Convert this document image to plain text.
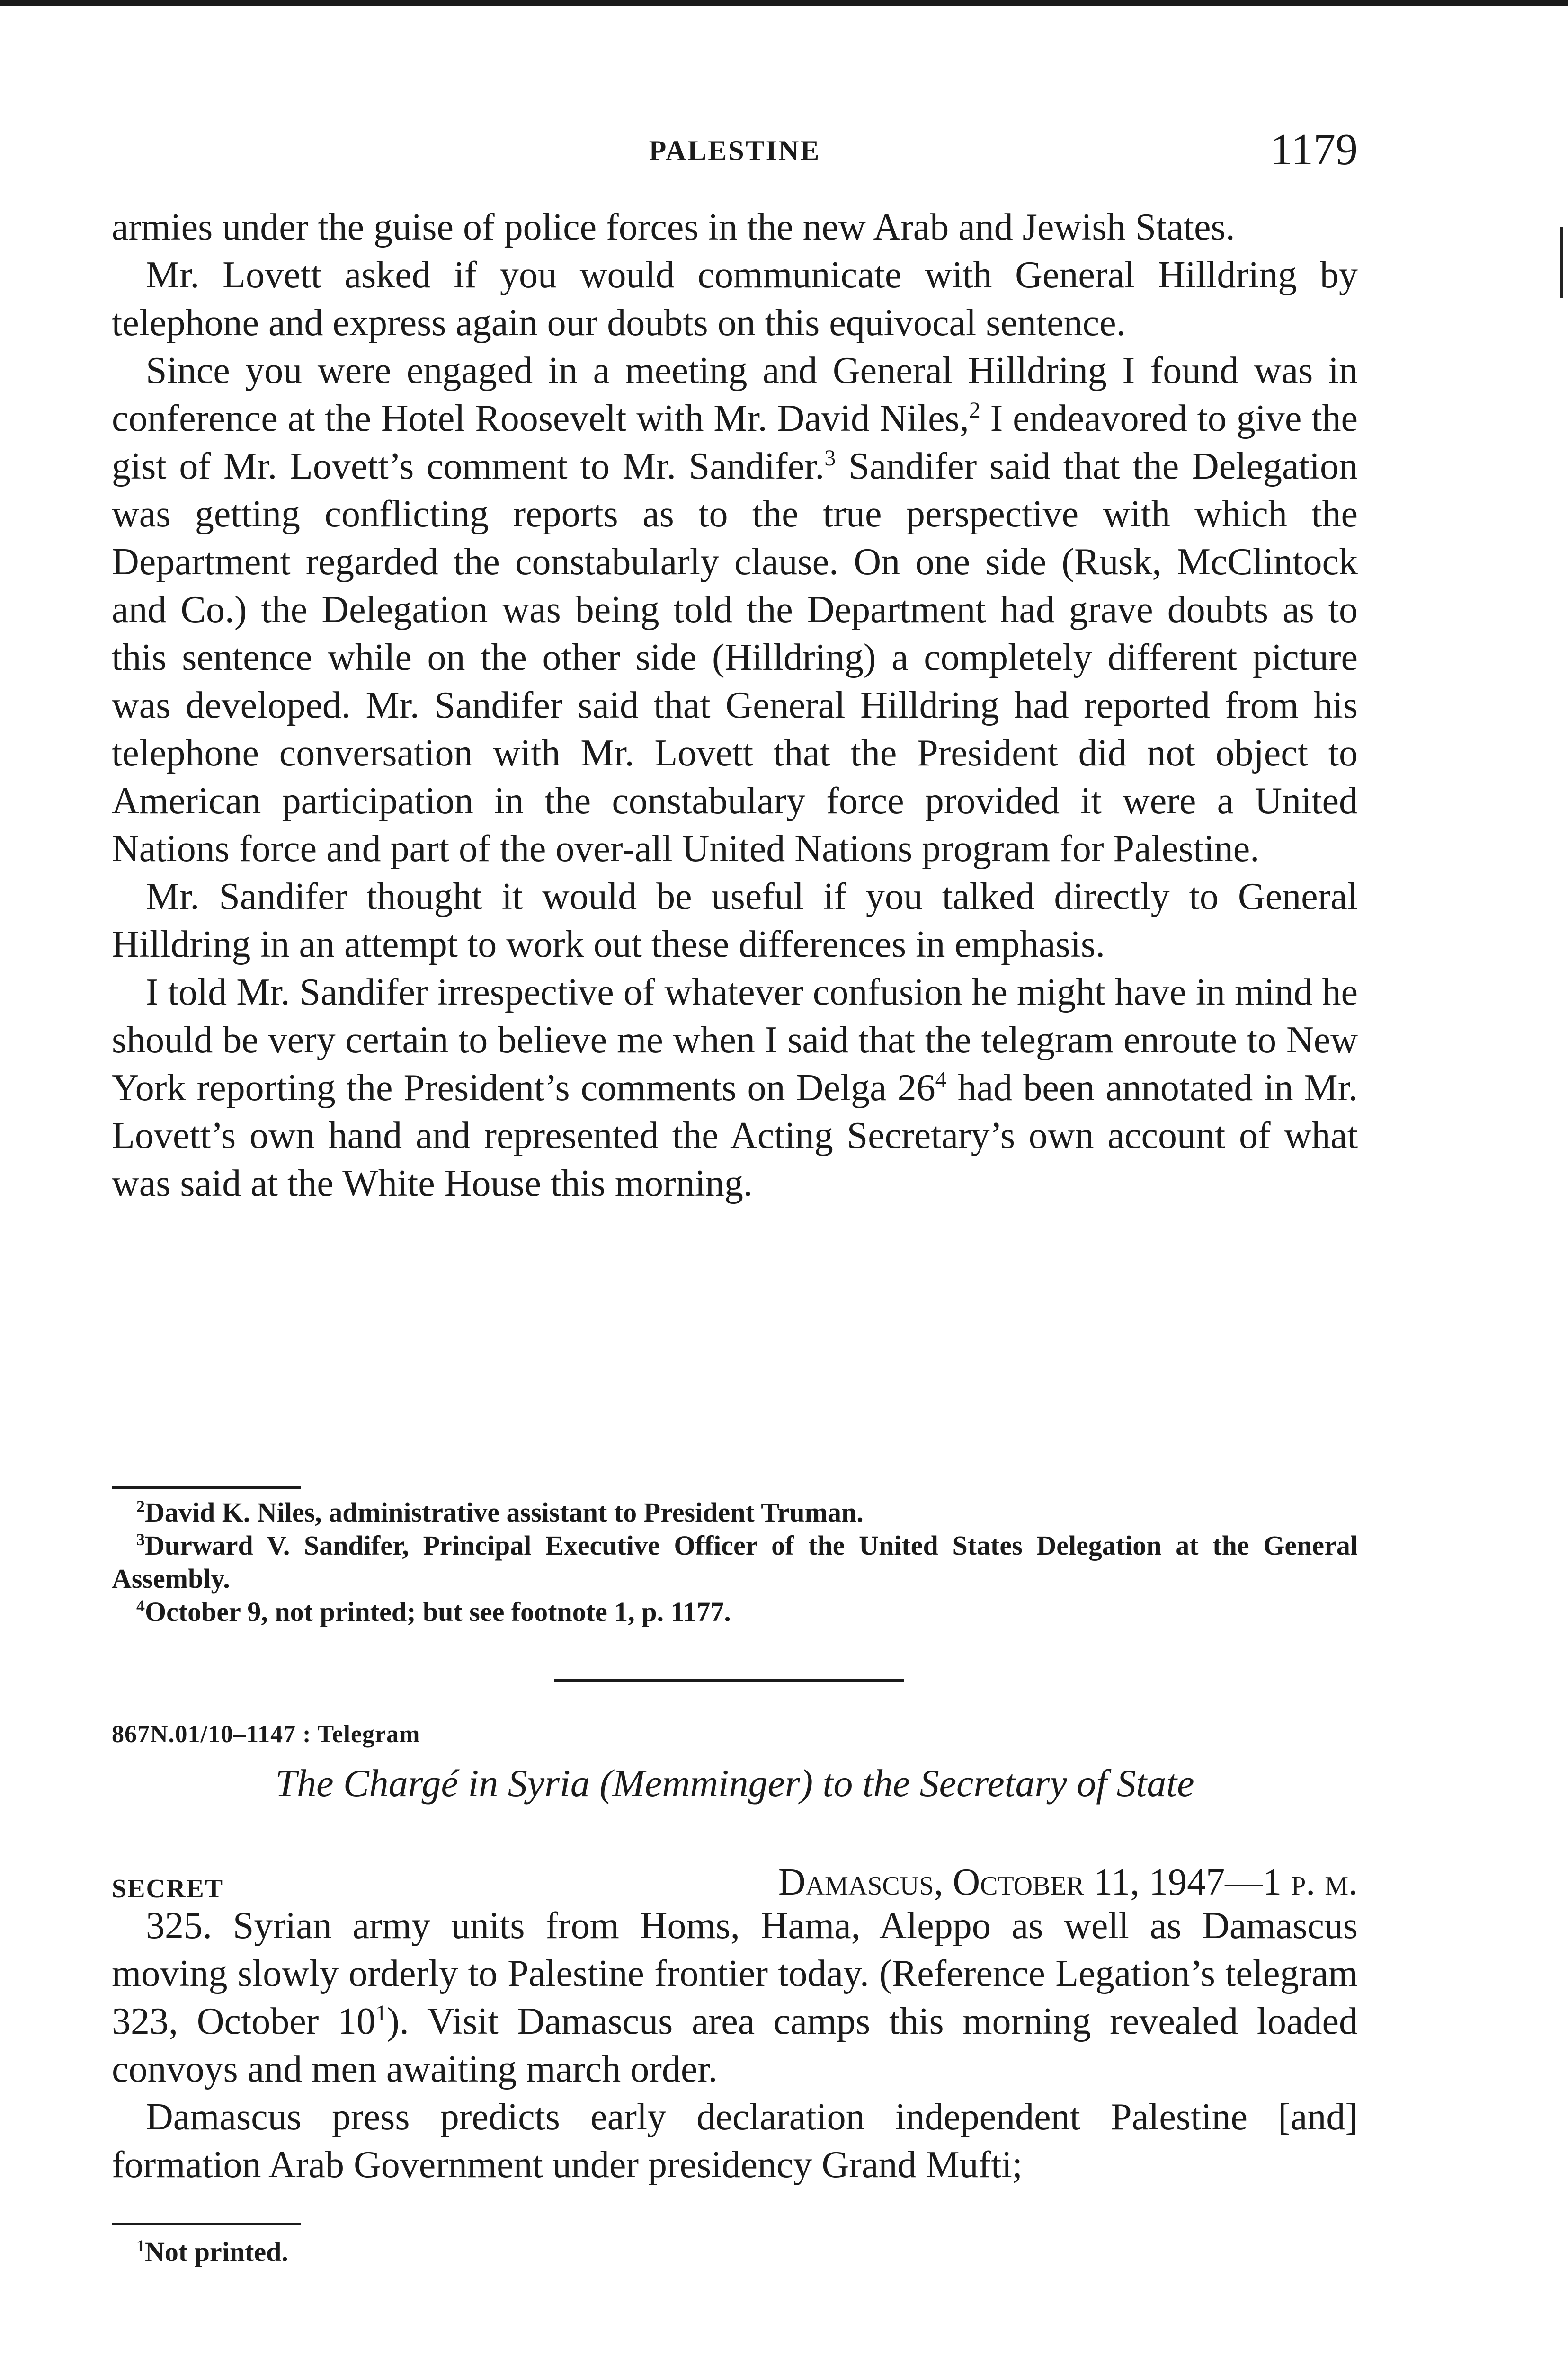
PALESTINE	1179

armies under the guise of police forces in the new Arab and Jewish States.

Mr. Lovett asked if you would communicate with General Hilldring by telephone and express again our doubts on this equivocal sentence.

Since you were engaged in a meeting and General Hilldring I found was in conference at the Hotel Roosevelt with Mr. David Niles,$^2$ I endeavored to give the gist of Mr. Lovett’s comment to Mr. Sandifer.$^3$ Sandifer said that the Delegation was getting conflicting reports as to the true perspective with which the Department regarded the constabularly clause. On one side (Rusk, McClintock and Co.) the Delegation was being told the Department had grave doubts as to this sentence while on the other side (Hilldring) a completely different picture was developed. Mr. Sandifer said that General Hilldring had reported from his telephone conversation with Mr. Lovett that the President did not object to American participation in the constabulary force provided it were a United Nations force and part of the over-all United Nations program for Palestine.

Mr. Sandifer thought it would be useful if you talked directly to General Hilldring in an attempt to work out these differences in emphasis.

I told Mr. Sandifer irrespective of whatever confusion he might have in mind he should be very certain to believe me when I said that the telegram enroute to New York reporting the President’s comments on Delga $26^4$ had been annotated in Mr. Lovett’s own hand and represented the Acting Secretary’s own account of what was said at the White House this morning.

$^2$David K. Niles, administrative assistant to President Truman.

$^3$Durward V. Sandifer, Principal Executive Officer of the United States Delegation at the General Assembly.

$^4$October 9, not printed; but see footnote 1, p. 1177.

867N.01/10–1147 : Telegram
The Chargé in Syria (Memminger) to the Secretary of State
SECRET	Damascus, October 11, 1947—1 p. m.

325. Syrian army units from Homs, Hama, Aleppo as well as Damascus moving slowly orderly to Palestine frontier today. (Reference Legation’s telegram 323, October $10^1$). Visit Damascus area camps this morning revealed loaded convoys and men awaiting march order.

Damascus press predicts early declaration independent Palestine [and] formation Arab Government under presidency Grand Mufti;

$^1$Not printed.
